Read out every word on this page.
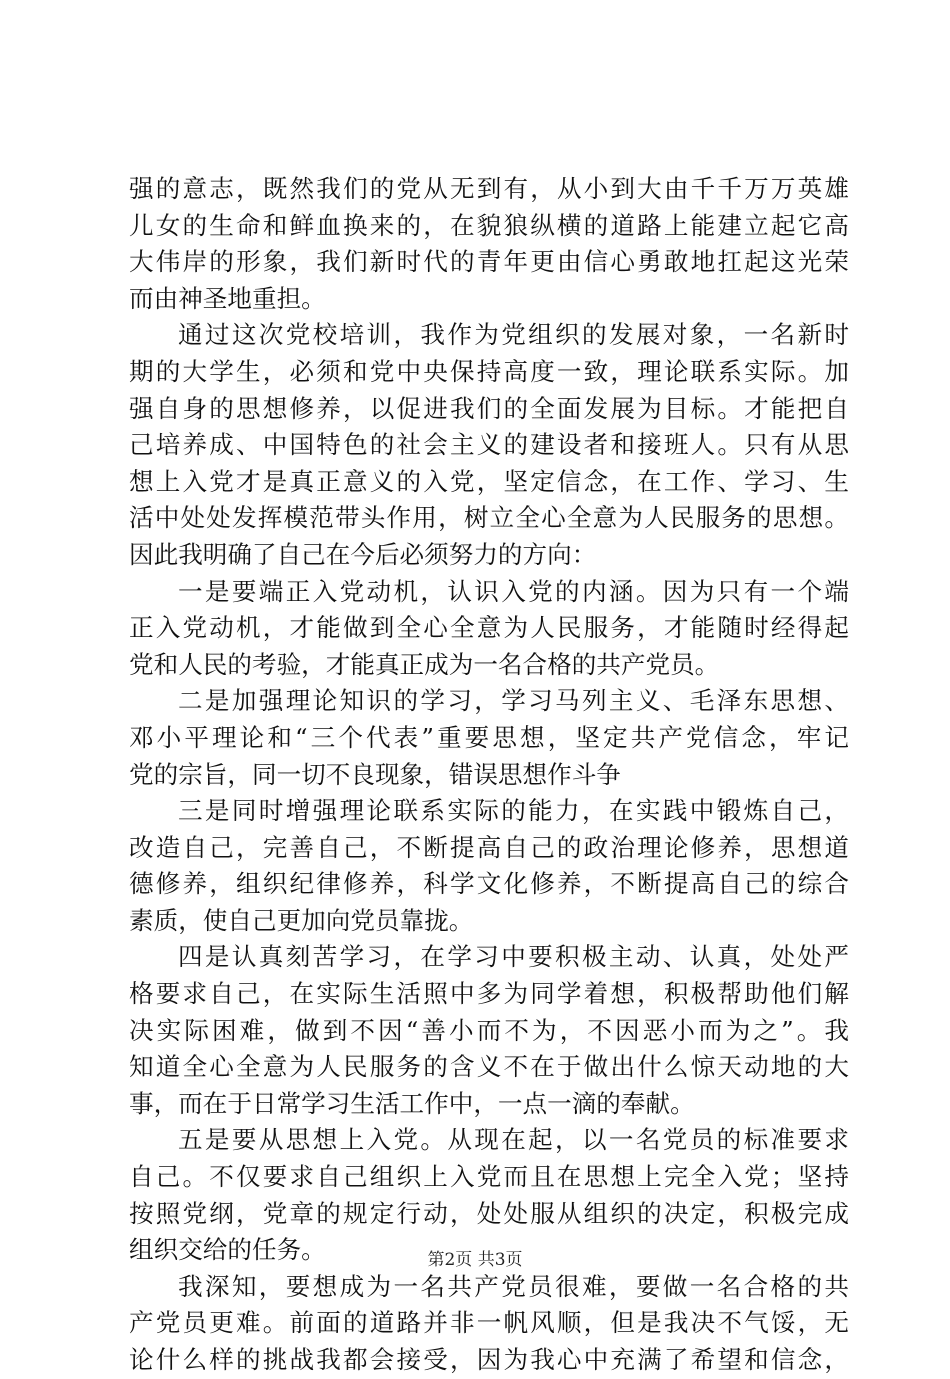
强的意志，既然我们的党从无到有，从小到大由千千万万英雄
儿女的生命和鲜血换来的，在貌狼纵横的道路上能建立起它高
大伟岸的形象，我们新时代的青年更由信心勇敢地扛起这光荣
而由神圣地重担。
通过这次党校培训，我作为党组织的发展对象，一名新时
期的大学生，必须和党中央保持高度一致，理论联系实际。加
强自身的思想修养，以促进我们的全面发展为目标。才能把自
己培养成、中国特色的社会主义的建设者和接班人。只有从思
想上入党才是真正意义的入党，坚定信念，在工作、学习、生
活中处处发挥模范带头作用，树立全心全意为人民服务的思想。
因此我明确了自己在今后必须努力的方向：
一是要端正入党动机，认识入党的内涵。因为只有一个端
正入党动机，才能做到全心全意为人民服务，才能随时经得起
党和人民的考验，才能真正成为一名合格的共产党员。
二是加强理论知识的学习，学习马列主义、毛泽东思想、
邓小平理论和“三个代表”重要思想，坚定共产党信念，牢记
党的宗旨，同一切不良现象，错误思想作斗争
三是同时增强理论联系实际的能力，在实践中锻炼自己，
改造自己，完善自己，不断提高自己的政治理论修养，思想道
德修养，组织纪律修养，科学文化修养，不断提高自己的综合
素质，使自己更加向党员靠拢。
四是认真刻苦学习，在学习中要积极主动、认真，处处严
格要求自己，在实际生活照中多为同学着想，积极帮助他们解
决实际困难，做到不因“善小而不为，不因恶小而为之”。我
知道全心全意为人民服务的含义不在于做出什么惊天动地的大
事，而在于日常学习生活工作中，一点一滴的奉献。
五是要从思想上入党。从现在起，以一名党员的标准要求
自己。不仅要求自己组织上入党而且在思想上完全入党；坚持
按照党纲，党章的规定行动，处处服从组织的决定，积极完成
组织交给的任务。
我深知，要想成为一名共产党员很难，要做一名合格的共
产党员更难。前面的道路并非一帆风顺，但是我决不气馁，无
论什么样的挑战我都会接受，因为我心中充满了希望和信念，
第2页 共3页
